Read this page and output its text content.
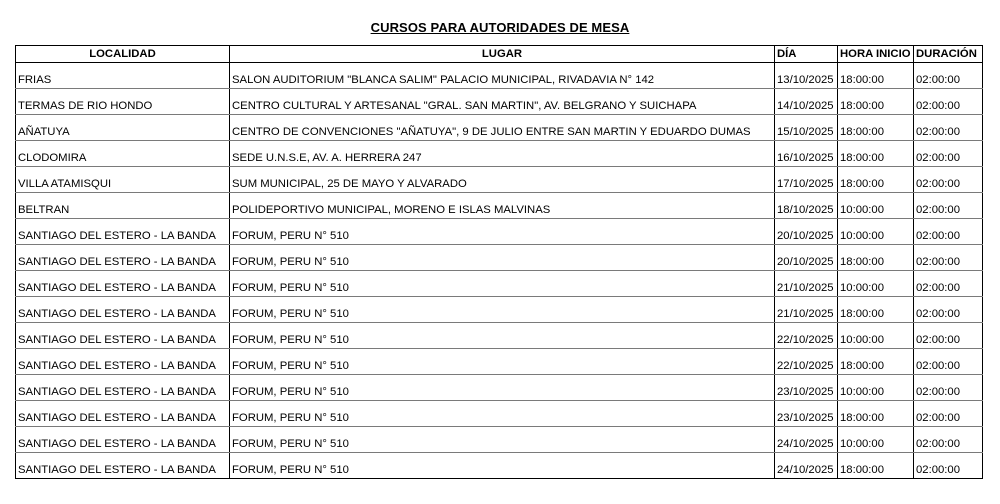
CURSOS PARA AUTORIDADES DE MESA
LOCALIDAD	LUGAR	DÍA	HORA INICIO	DURACIÓN
FRIAS	SALON AUDITORIUM "BLANCA SALIM" PALACIO MUNICIPAL, RIVADAVIA N° 142	13/10/2025	18:00:00	02:00:00
TERMAS DE RIO HONDO	CENTRO CULTURAL Y ARTESANAL "GRAL. SAN MARTIN", AV. BELGRANO Y SUICHAPA	14/10/2025	18:00:00	02:00:00
AÑATUYA	CENTRO DE CONVENCIONES "AÑATUYA", 9 DE JULIO ENTRE SAN MARTIN Y EDUARDO DUMAS	15/10/2025	18:00:00	02:00:00
CLODOMIRA	SEDE U.N.S.E, AV. A. HERRERA 247	16/10/2025	18:00:00	02:00:00
VILLA ATAMISQUI	SUM MUNICIPAL, 25 DE MAYO Y ALVARADO	17/10/2025	18:00:00	02:00:00
BELTRAN	POLIDEPORTIVO MUNICIPAL, MORENO E ISLAS MALVINAS	18/10/2025	10:00:00	02:00:00
SANTIAGO DEL ESTERO - LA BANDA	FORUM, PERU N° 510	20/10/2025	10:00:00	02:00:00
SANTIAGO DEL ESTERO - LA BANDA	FORUM, PERU N° 510	20/10/2025	18:00:00	02:00:00
SANTIAGO DEL ESTERO - LA BANDA	FORUM, PERU N° 510	21/10/2025	10:00:00	02:00:00
SANTIAGO DEL ESTERO - LA BANDA	FORUM, PERU N° 510	21/10/2025	18:00:00	02:00:00
SANTIAGO DEL ESTERO - LA BANDA	FORUM, PERU N° 510	22/10/2025	10:00:00	02:00:00
SANTIAGO DEL ESTERO - LA BANDA	FORUM, PERU N° 510	22/10/2025	18:00:00	02:00:00
SANTIAGO DEL ESTERO - LA BANDA	FORUM, PERU N° 510	23/10/2025	10:00:00	02:00:00
SANTIAGO DEL ESTERO - LA BANDA	FORUM, PERU N° 510	23/10/2025	18:00:00	02:00:00
SANTIAGO DEL ESTERO - LA BANDA	FORUM, PERU N° 510	24/10/2025	10:00:00	02:00:00
SANTIAGO DEL ESTERO - LA BANDA	FORUM, PERU N° 510	24/10/2025	18:00:00	02:00:00
